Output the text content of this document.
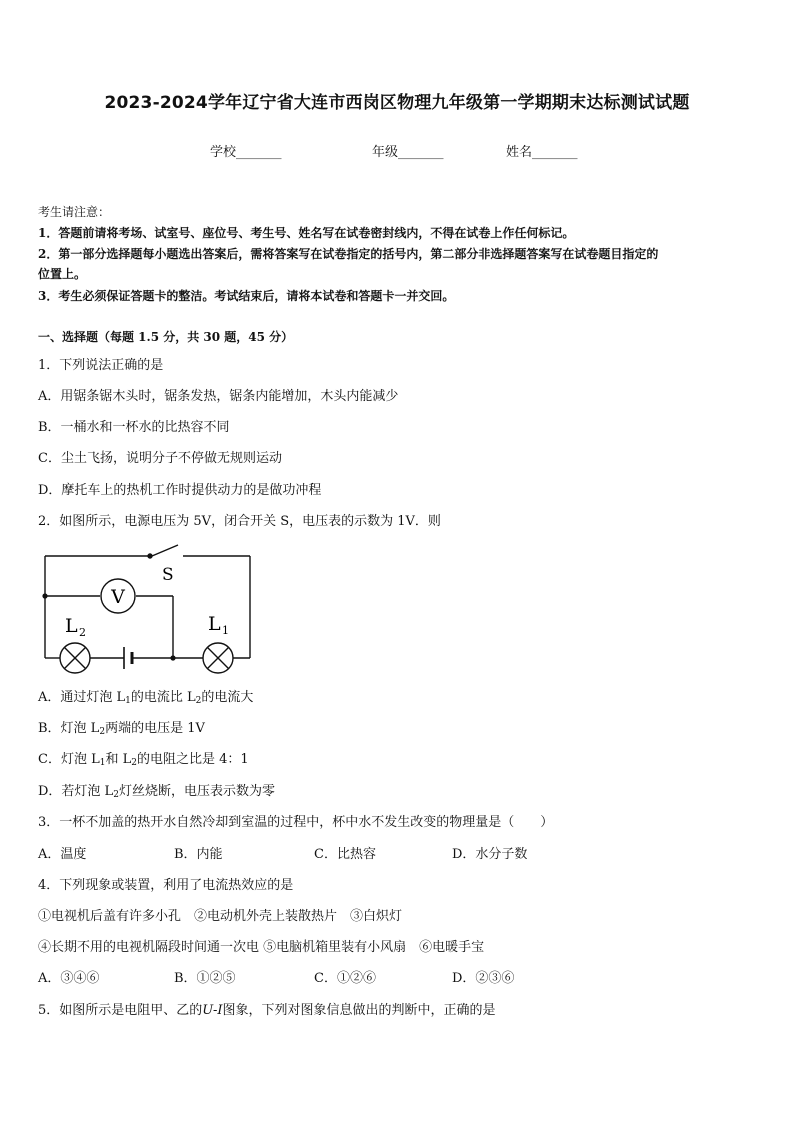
2023-2024学年辽宁省大连市西岗区物理九年级第一学期期末达标测试试题
学校_______	年级_______	姓名_______
考生请注意：
1．答题前请将考场、试室号、座位号、考生号、姓名写在试卷密封线内，不得在试卷上作任何标记。
2．第一部分选择题每小题选出答案后，需将答案写在试卷指定的括号内，第二部分非选择题答案写在试卷题目指定的
位置上。
3．考生必须保证答题卡的整洁。考试结束后，请将本试卷和答题卡一并交回。
一、选择题（每题 1.5 分，共 30 题，45 分）
1．下列说法正确的是
A．用锯条锯木头时，锯条发热，锯条内能增加，木头内能减少
B．一桶水和一杯水的比热容不同
C．尘土飞扬，说明分子不停做无规则运动
D．摩托车上的热机工作时提供动力的是做功冲程
2．如图所示，电源电压为 5V，闭合开关 S，电压表的示数为 1V．则
V
S
L 2	L 1
A．通过灯泡 $L_1$的电流比 $L_2$的电流大
B．灯泡 $L_2$两端的电压是 1V
C．灯泡 $L_1$和 $L_2$的电阻之比是 4：1
D．若灯泡 $L_2$灯丝烧断，电压表示数为零
3．一杯不加盖的热开水自然冷却到室温的过程中，杯中水不发生改变的物理量是（　　）
A．温度	B．内能	C．比热容	D．水分子数
4．下列现象或装置，利用了电流热效应的是
①电视机后盖有许多小孔　②电动机外壳上装散热片　③白炽灯
④长期不用的电视机隔段时间通一次电 ⑤电脑机箱里装有小风扇　⑥电暖手宝
A．③④⑥	B．①②⑤	C．①②⑥	D．②③⑥
5．如图所示是电阻甲、乙的U-I图象，下列对图象信息做出的判断中，正确的是
